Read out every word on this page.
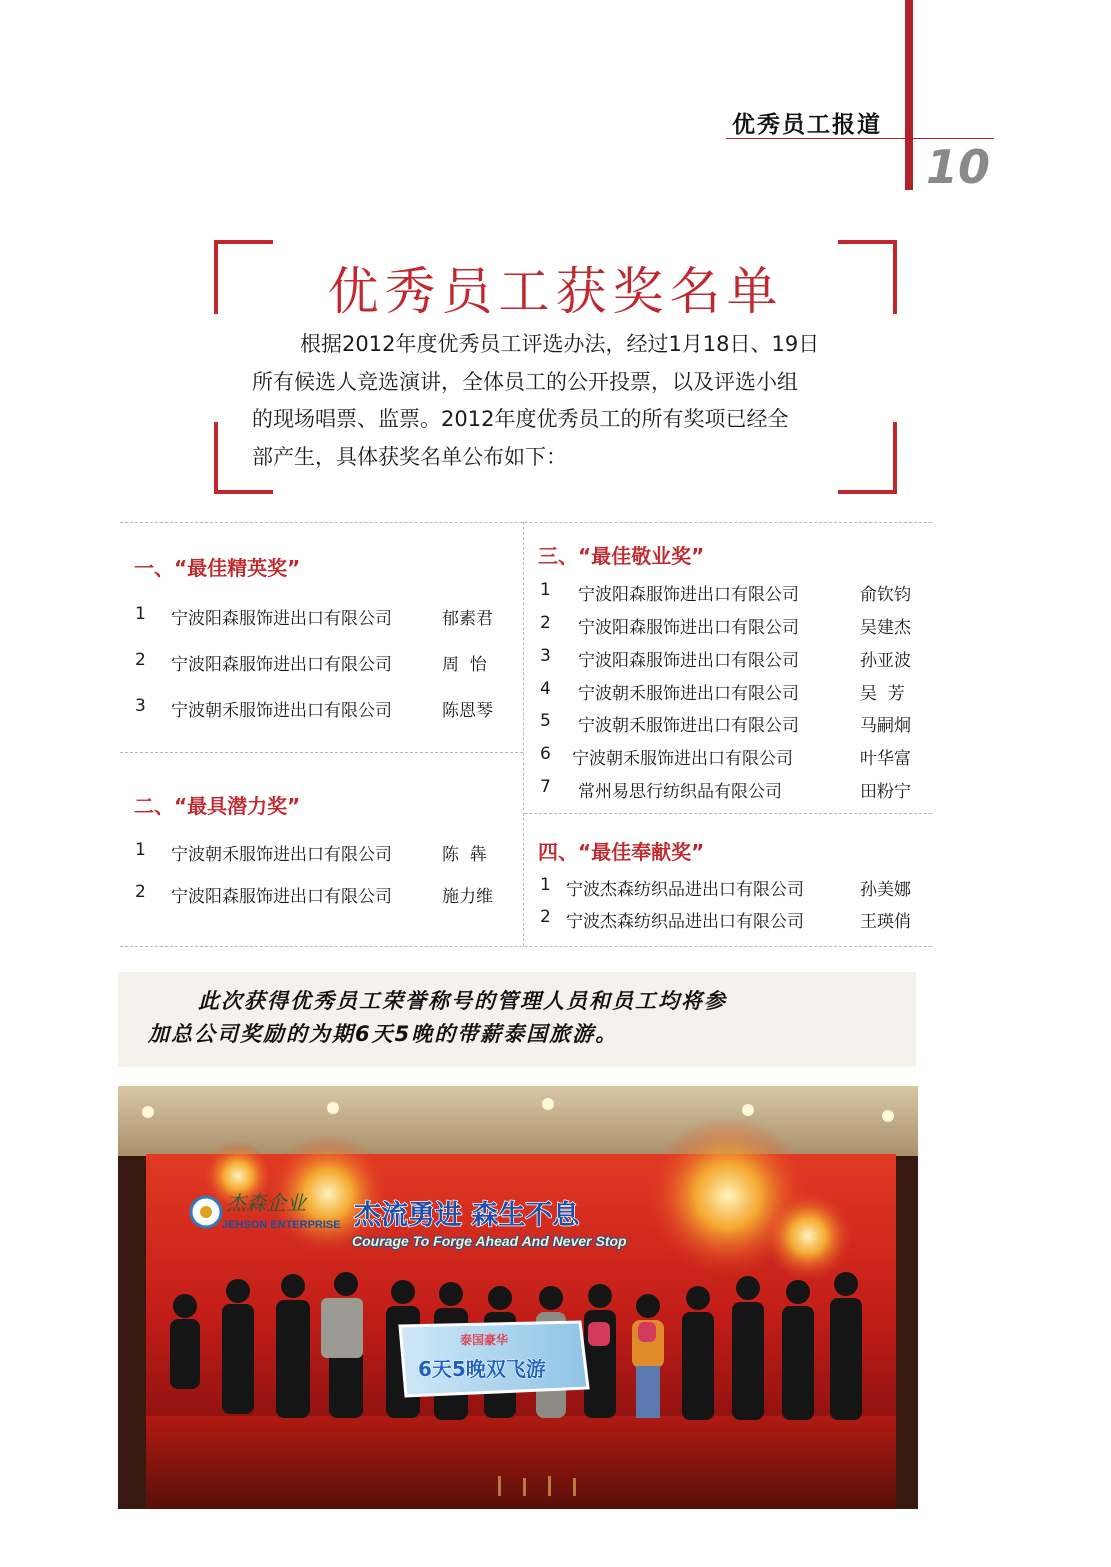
优秀员工报道
10
优秀员工获奖名单
根据2012年度优秀员工评选办法，经过1月18日、19日
所有候选人竞选演讲，全体员工的公开投票，以及评选小组
的现场唱票、监票。2012年度优秀员工的所有奖项已经全
部产生，具体获奖名单公布如下：
一、“最佳精英奖”
1 宁波阳森服饰进出口有限公司	郁素君
2 宁波阳森服饰进出口有限公司	周  怡
3 宁波朝禾服饰进出口有限公司	陈恩琴
二、“最具潜力奖”
1 宁波朝禾服饰进出口有限公司	陈  犇
2 宁波阳森服饰进出口有限公司	施力维
三、“最佳敬业奖”
1 宁波阳森服饰进出口有限公司	俞钦钧
2 宁波阳森服饰进出口有限公司	吴建杰
3 宁波阳森服饰进出口有限公司	孙亚波
4 宁波朝禾服饰进出口有限公司	吴  芳
5 宁波朝禾服饰进出口有限公司	马嗣炯
6 宁波朝禾服饰进出口有限公司	叶华富
7 常州易思行纺织品有限公司	田粉宁
四、“最佳奉献奖”
1 宁波杰森纺织品进出口有限公司	孙美娜
2 宁波杰森纺织品进出口有限公司	王瑛俏
此次获得优秀员工荣誉称号的管理人员和员工均将参
加总公司奖励的为期6天5晚的带薪泰国旅游。
杰森企业
JEHSON ENTERPRISE 杰流勇进 森生不息
Courage To Forge Ahead And Never Stop
泰国豪华
6天5晚双飞游
